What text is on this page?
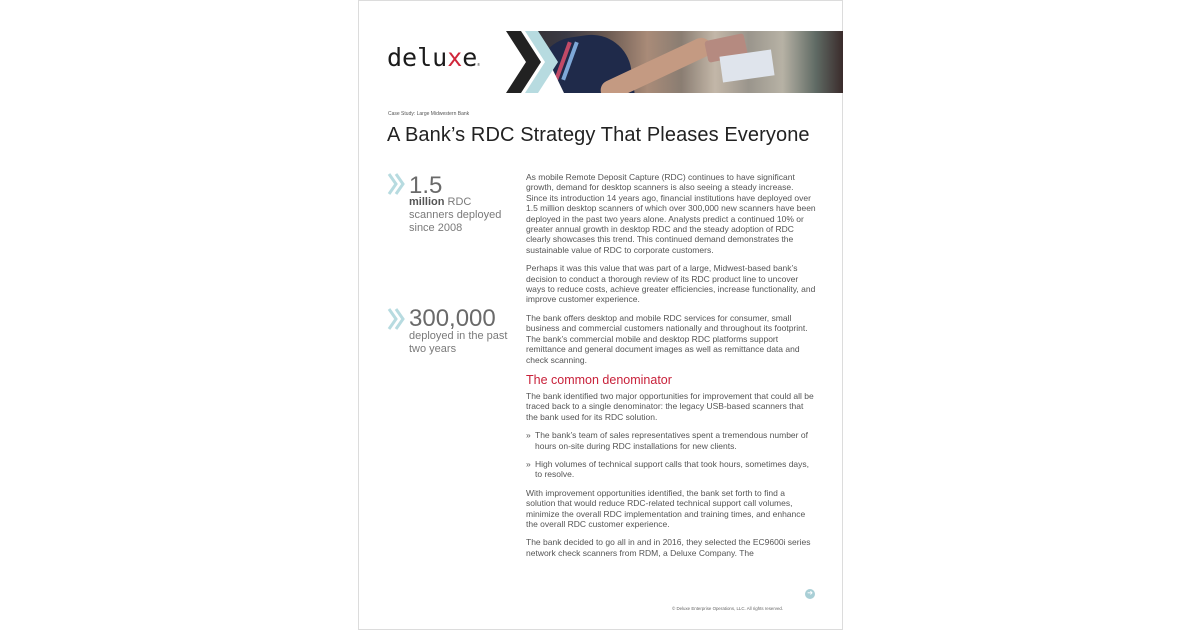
deluxe®
Case Study: Large Midwestern Bank
A Bank’s RDC Strategy That Pleases Everyone
1.5
million RDC scanners deployed since 2008
300,000
deployed in the past two years

As mobile Remote Deposit Capture (RDC) continues to have significant growth, demand for desktop scanners is also seeing a steady increase. Since its introduction 14 years ago, financial institutions have deployed over 1.5 million desktop scanners of which over 300,000 new scanners have been deployed in the past two years alone. Analysts predict a continued 10% or greater annual growth in desktop RDC and the steady adoption of RDC clearly showcases this trend. This continued demand demonstrates the sustainable value of RDC to corporate customers.

Perhaps it was this value that was part of a large, Midwest-based bank’s decision to conduct a thorough review of its RDC product line to uncover ways to reduce costs, achieve greater efficiencies, increase functionality, and improve customer experience.

The bank offers desktop and mobile RDC services for consumer, small business and commercial customers nationally and throughout its footprint. The bank’s commercial mobile and desktop RDC platforms support remittance and general document images as well as remittance data and check scanning.

The common denominator

The bank identified two major opportunities for improvement that could all be traced back to a single denominator: the legacy USB-based scanners that the bank used for its RDC solution.

» The bank’s team of sales representatives spent a tremendous number of hours on-site during RDC installations for new clients.
» High volumes of technical support calls that took hours, sometimes days, to resolve.

With improvement opportunities identified, the bank set forth to find a solution that would reduce RDC-related technical support call volumes, minimize the overall RDC implementation and training times, and enhance the overall RDC customer experience.

The bank decided to go all in and in 2016, they selected the EC9600i series network check scanners from RDM, a Deluxe Company. The

➜
© Deluxe Enterprise Operations, LLC. All rights reserved.
